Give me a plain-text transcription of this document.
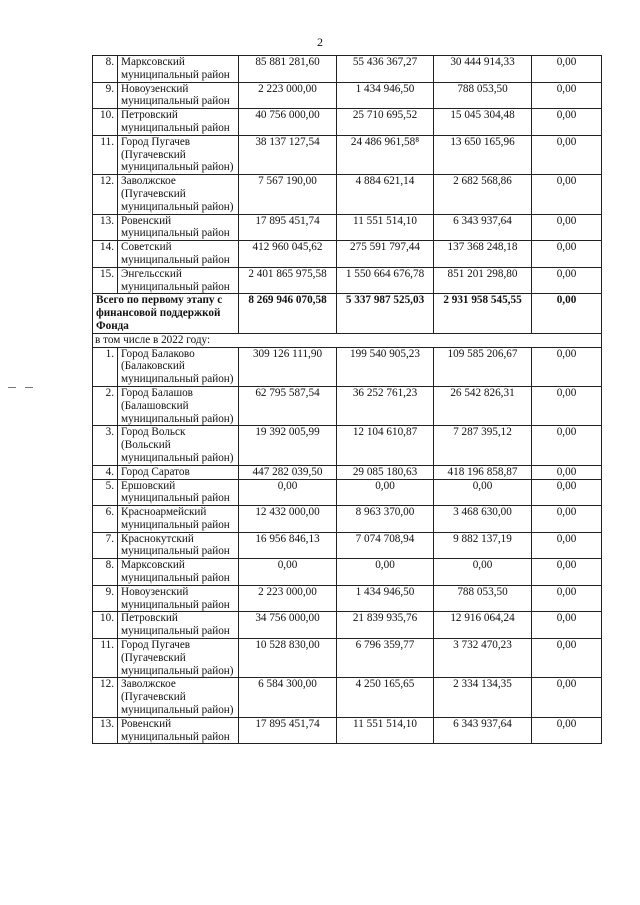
2
8.	Марксовский
муниципальный район	85 881 281,60	55 436 367,27	30 444 914,33	0,00
9.	Новоузенский
муниципальный район	2 223 000,00	1 434 946,50	788 053,50	0,00
10.	Петровский
муниципальный район	40 756 000,00	25 710 695,52	15 045 304,48	0,00
11.	Город Пугачев
(Пугачевский
муниципальный район)	38 137 127,54	24 486 961,58⁸	13 650 165,96	0,00
12.	Заволжское
(Пугачевский
муниципальный район)	7 567 190,00	4 884 621,14	2 682 568,86	0,00
13.	Ровенский
муниципальный район	17 895 451,74	11 551 514,10	6 343 937,64	0,00
14.	Советский
муниципальный район	412 960 045,62	275 591 797,44	137 368 248,18	0,00
15.	Энгельсский
муниципальный район	2 401 865 975,58	1 550 664 676,78	851 201 298,80	0,00
Всего по первому этапу с финансовой поддержкой Фонда		8 269 946 070,58	5 337 987 525,03	2 931 958 545,55	0,00
в том числе в 2022 году:					
1.	Город Балаково
(Балаковский
муниципальный район)	309 126 111,90	199 540 905,23	109 585 206,67	0,00
2.	Город Балашов
(Балашовский
муниципальный район)	62 795 587,54	36 252 761,23	26 542 826,31	0,00
3.	Город Вольск
(Вольский
муниципальный район)	19 392 005,99	12 104 610,87	7 287 395,12	0,00
4.	Город Саратов	447 282 039,50	29 085 180,63	418 196 858,87	0,00
5.	Ершовский
муниципальный район	0,00	0,00	0,00	0,00
6.	Красноармейский
муниципальный район	12 432 000,00	8 963 370,00	3 468 630,00	0,00
7.	Краснокутский
муниципальный район	16 956 846,13	7 074 708,94	9 882 137,19	0,00
8.	Марксовский
муниципальный район	0,00	0,00	0,00	0,00
9.	Новоузенский
муниципальный район	2 223 000,00	1 434 946,50	788 053,50	0,00
10.	Петровский
муниципальный район	34 756 000,00	21 839 935,76	12 916 064,24	0,00
11.	Город Пугачев
(Пугачевский
муниципальный район)	10 528 830,00	6 796 359,77	3 732 470,23	0,00
12.	Заволжское
(Пугачевский
муниципальный район)	6 584 300,00	4 250 165,65	2 334 134,35	0,00
13.	Ровенский
муниципальный район	17 895 451,74	11 551 514,10	6 343 937,64	0,00
